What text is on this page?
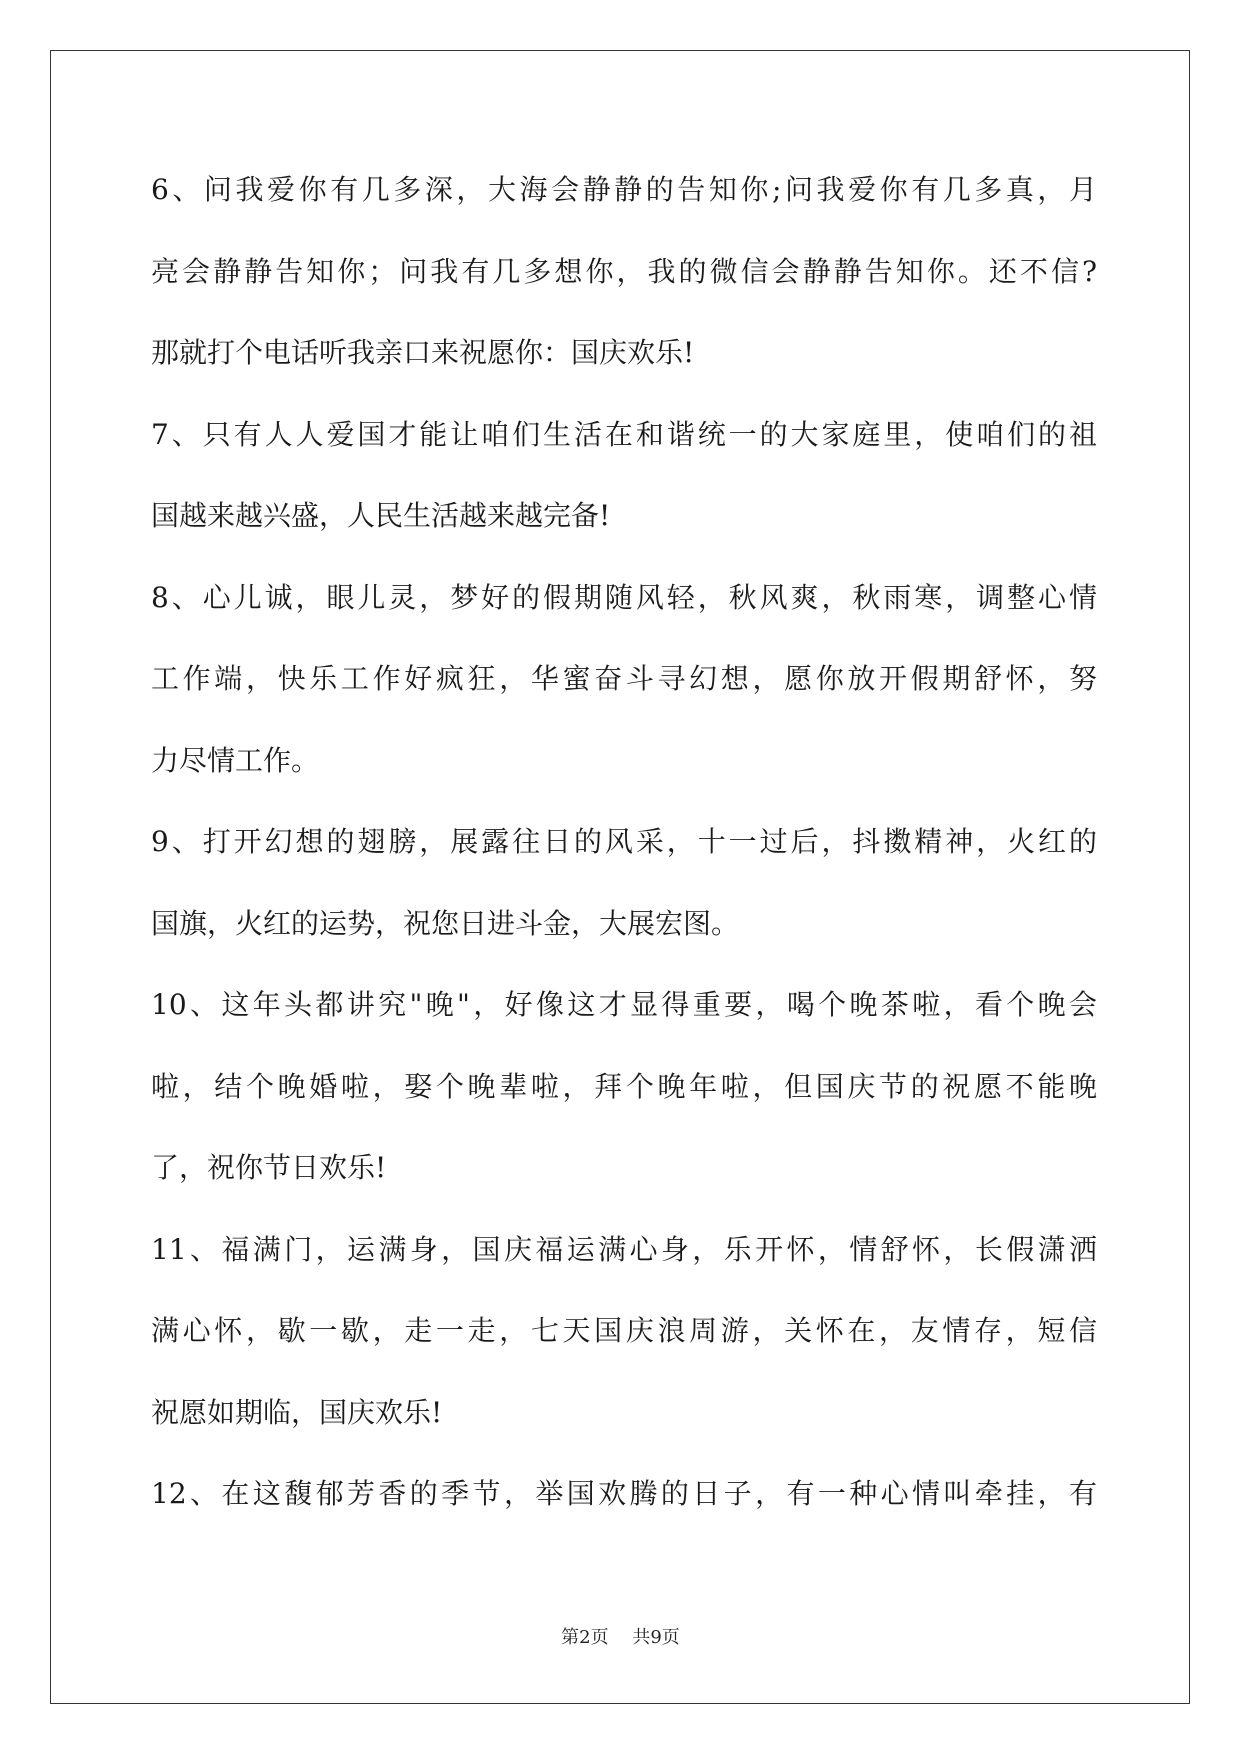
6、问我爱你有几多深，大海会静静的告知你;问我爱你有几多真，月
亮会静静告知你；问我有几多想你，我的微信会静静告知你。还不信?
那就打个电话听我亲口来祝愿你：国庆欢乐!
7、只有人人爱国才能让咱们生活在和谐统一的大家庭里，使咱们的祖
国越来越兴盛，人民生活越来越完备!
8、心儿诚，眼儿灵，梦好的假期随风轻，秋风爽，秋雨寒，调整心情
工作端，快乐工作好疯狂，华蜜奋斗寻幻想，愿你放开假期舒怀，努
力尽情工作。
9、打开幻想的翅膀，展露往日的风采，十一过后，抖擞精神，火红的
国旗，火红的运势，祝您日进斗金，大展宏图。
10、这年头都讲究"晚"，好像这才显得重要，喝个晚茶啦，看个晚会
啦，结个晚婚啦，娶个晚辈啦，拜个晚年啦，但国庆节的祝愿不能晚
了，祝你节日欢乐!
11、福满门，运满身，国庆福运满心身，乐开怀，情舒怀，长假潇洒
满心怀，歇一歇，走一走，七天国庆浪周游，关怀在，友情存，短信
祝愿如期临，国庆欢乐!
12、在这馥郁芳香的季节，举国欢腾的日子，有一种心情叫牵挂，有
第2页 共9页
